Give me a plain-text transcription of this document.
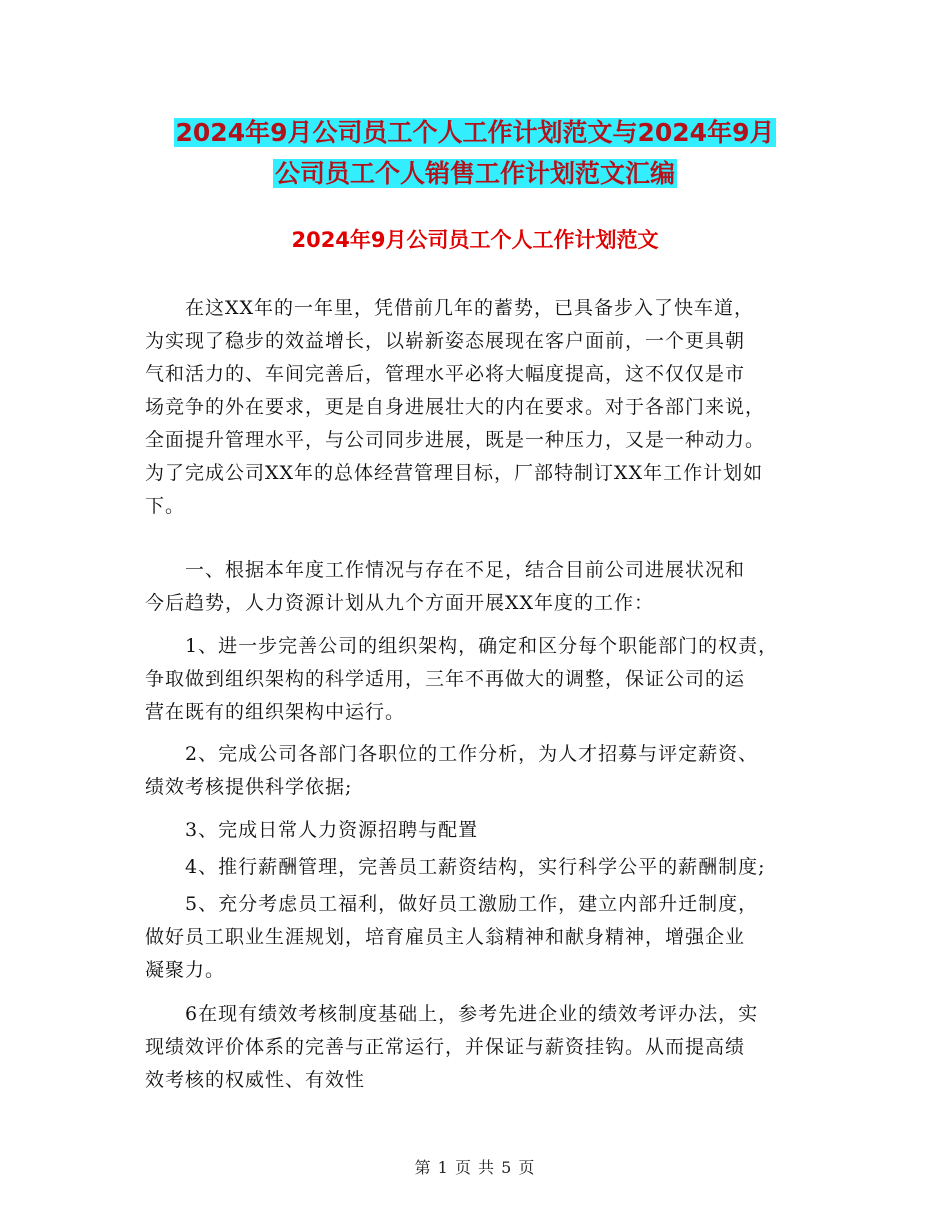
2024年9月公司员工个人工作计划范文与2024年9月
公司员工个人销售工作计划范文汇编
2024年9月公司员工个人工作计划范文
在这XX年的一年里，凭借前几年的蓄势，已具备步入了快车道，
为实现了稳步的效益增长，以崭新姿态展现在客户面前，一个更具朝
气和活力的、车间完善后，管理水平必将大幅度提高，这不仅仅是市
场竞争的外在要求，更是自身进展壮大的内在要求。对于各部门来说，
全面提升管理水平，与公司同步进展，既是一种压力，又是一种动力。
为了完成公司XX年的总体经营管理目标，厂部特制订XX年工作计划如
下。
一、根据本年度工作情况与存在不足，结合目前公司进展状况和
今后趋势，人力资源计划从九个方面开展XX年度的工作：
1、进一步完善公司的组织架构，确定和区分每个职能部门的权责，
争取做到组织架构的科学适用，三年不再做大的调整，保证公司的运
营在既有的组织架构中运行。
2、完成公司各部门各职位的工作分析，为人才招募与评定薪资、
绩效考核提供科学依据;
3、完成日常人力资源招聘与配置
4、推行薪酬管理，完善员工薪资结构，实行科学公平的薪酬制度;
5、充分考虑员工福利，做好员工激励工作，建立内部升迁制度，
做好员工职业生涯规划，培育雇员主人翁精神和献身精神，增强企业
凝聚力。
6在现有绩效考核制度基础上，参考先进企业的绩效考评办法，实
现绩效评价体系的完善与正常运行，并保证与薪资挂钩。从而提高绩
效考核的权威性、有效性
第 1 页 共 5 页
